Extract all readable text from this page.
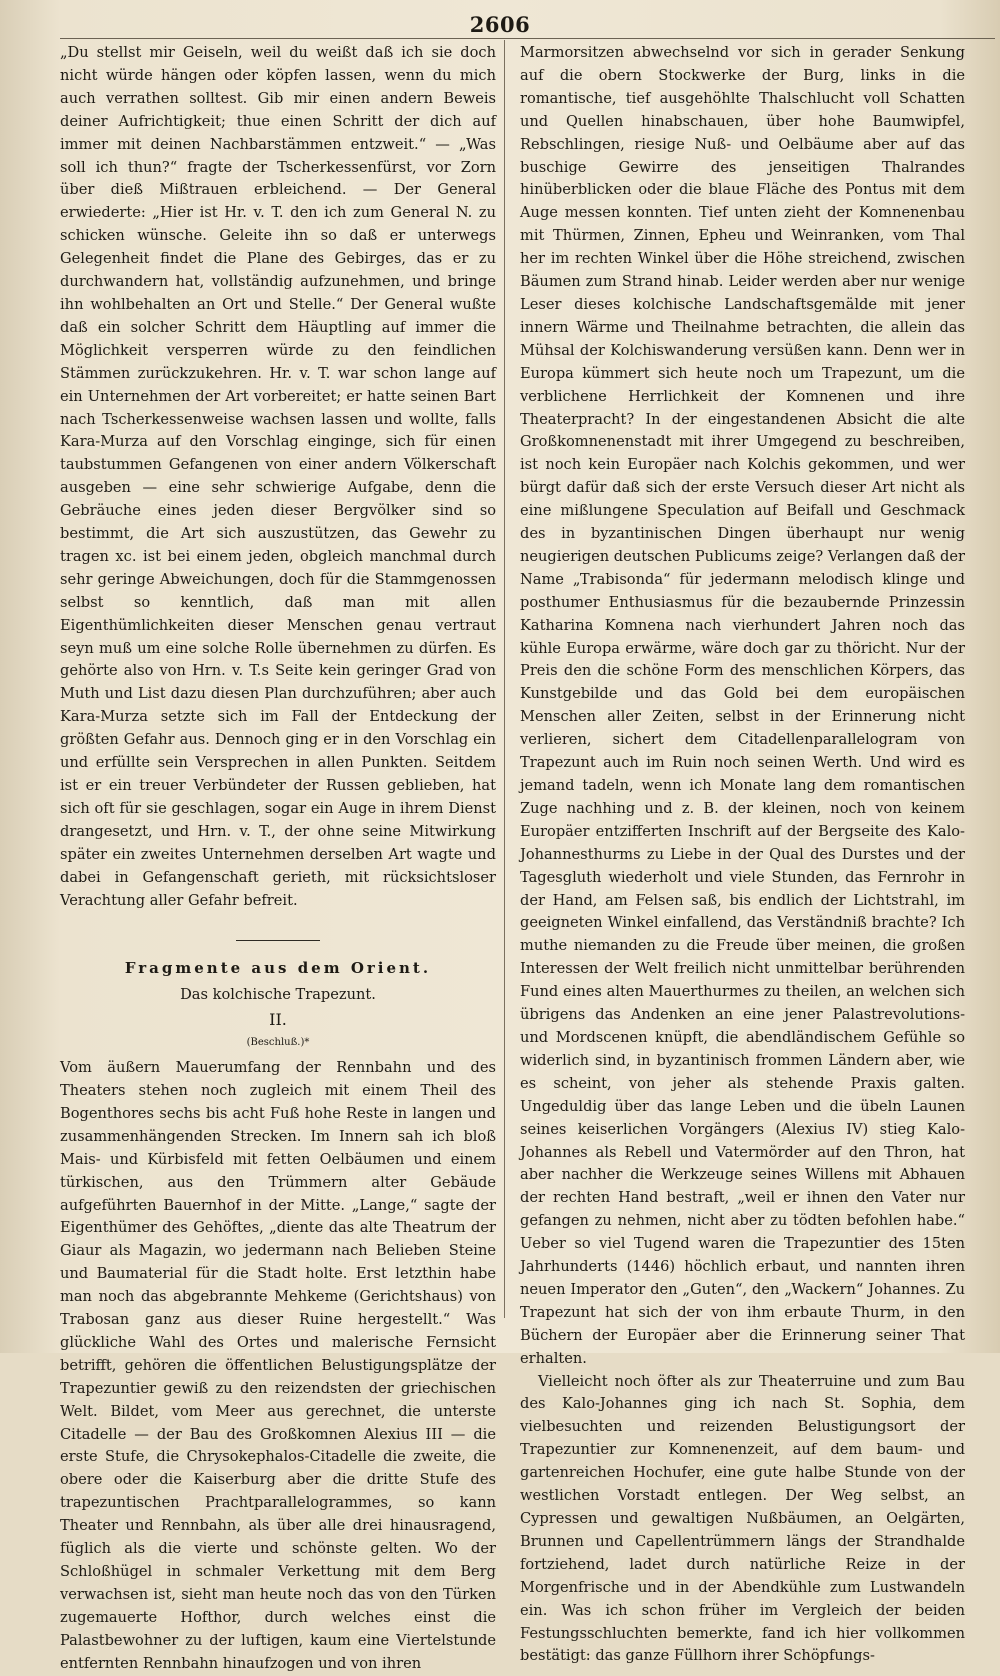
2606

„Du stellst mir Geiseln, weil du weißt daß ich sie doch nicht würde hängen oder köpfen lassen, wenn du mich auch verrathen solltest. Gib mir einen andern Beweis deiner Aufrichtigkeit; thue einen Schritt der dich auf immer mit deinen Nachbarstämmen entzweit.“ — „Was soll ich thun?“ fragte der Tscherkessenfürst, vor Zorn über dieß Mißtrauen erbleichend. — Der General erwiederte: „Hier ist Hr. v. T. den ich zum General N. zu schicken wünsche. Geleite ihn so daß er unterwegs Gelegenheit findet die Plane des Gebirges, das er zu durchwandern hat, vollständig aufzunehmen, und bringe ihn wohlbehalten an Ort und Stelle.“ Der General wußte daß ein solcher Schritt dem Häuptling auf immer die Möglichkeit versperren würde zu den feindlichen Stämmen zurückzukehren. Hr. v. T. war schon lange auf ein Unternehmen der Art vorbereitet; er hatte seinen Bart nach Tscherkessenweise wachsen lassen und wollte, falls Kara-Murza auf den Vorschlag einginge, sich für einen taubstummen Gefangenen von einer andern Völkerschaft ausgeben — eine sehr schwierige Aufgabe, denn die Gebräuche eines jeden dieser Bergvölker sind so bestimmt, die Art sich auszustützen, das Gewehr zu tragen xc. ist bei einem jeden, obgleich manchmal durch sehr geringe Abweichungen, doch für die Stammgenossen selbst so kenntlich, daß man mit allen Eigenthümlichkeiten dieser Menschen genau vertraut seyn muß um eine solche Rolle übernehmen zu dürfen. Es gehörte also von Hrn. v. T.s Seite kein geringer Grad von Muth und List dazu diesen Plan durchzuführen; aber auch Kara-Murza setzte sich im Fall der Entdeckung der größten Gefahr aus. Dennoch ging er in den Vorschlag ein und erfüllte sein Versprechen in allen Punkten. Seitdem ist er ein treuer Verbündeter der Russen geblieben, hat sich oft für sie geschlagen, sogar ein Auge in ihrem Dienst drangesetzt, und Hrn. v. T., der ohne seine Mitwirkung später ein zweites Unternehmen derselben Art wagte und dabei in Gefangenschaft gerieth, mit rücksichtsloser Verachtung aller Gefahr befreit.

Fragmente aus dem Orient.
Das kolchische Trapezunt.
II.
(Beschluß.)*

Vom äußern Mauerumfang der Rennbahn und des Theaters stehen noch zugleich mit einem Theil des Bogenthores sechs bis acht Fuß hohe Reste in langen und zusammenhängenden Strecken. Im Innern sah ich bloß Mais- und Kürbisfeld mit fetten Oelbäumen und einem türkischen, aus den Trümmern alter Gebäude aufgeführten Bauernhof in der Mitte. „Lange,“ sagte der Eigenthümer des Gehöftes, „diente das alte Theatrum der Giaur als Magazin, wo jedermann nach Belieben Steine und Baumaterial für die Stadt holte. Erst letzthin habe man noch das abgebrannte Mehkeme (Gerichtshaus) von Trabosan ganz aus dieser Ruine hergestellt.“ Was glückliche Wahl des Ortes und malerische Fernsicht betrifft, gehören die öffentlichen Belustigungsplätze der Trapezuntier gewiß zu den reizendsten der griechischen Welt. Bildet, vom Meer aus gerechnet, die unterste Citadelle — der Bau des Großkomnen Alexius III — die erste Stufe, die Chrysokephalos-Citadelle die zweite, die obere oder die Kaiserburg aber die dritte Stufe des trapezuntischen Prachtparallelogrammes, so kann Theater und Rennbahn, als über alle drei hinausragend, füglich als die vierte und schönste gelten. Wo der Schloßhügel in schmaler Verkettung mit dem Berg verwachsen ist, sieht man heute noch das von den Türken zugemauerte Hofthor, durch welches einst die Palastbewohner zu der luftigen, kaum eine Viertelstunde entfernten Rennbahn hinaufzogen und von ihren

Marmorsitzen abwechselnd vor sich in gerader Senkung auf die obern Stockwerke der Burg, links in die romantische, tief ausgehöhlte Thalschlucht voll Schatten und Quellen hinabschauen, über hohe Baumwipfel, Rebschlingen, riesige Nuß- und Oelbäume aber auf das buschige Gewirre des jenseitigen Thalrandes hinüberblicken oder die blaue Fläche des Pontus mit dem Auge messen konnten. Tief unten zieht der Komnenenbau mit Thürmen, Zinnen, Epheu und Weinranken, vom Thal her im rechten Winkel über die Höhe streichend, zwischen Bäumen zum Strand hinab. Leider werden aber nur wenige Leser dieses kolchische Landschaftsgemälde mit jener innern Wärme und Theilnahme betrachten, die allein das Mühsal der Kolchiswanderung versüßen kann. Denn wer in Europa kümmert sich heute noch um Trapezunt, um die verblichene Herrlichkeit der Komnenen und ihre Theaterpracht? In der eingestandenen Absicht die alte Großkomnenenstadt mit ihrer Umgegend zu beschreiben, ist noch kein Europäer nach Kolchis gekommen, und wer bürgt dafür daß sich der erste Versuch dieser Art nicht als eine mißlungene Speculation auf Beifall und Geschmack des in byzantinischen Dingen überhaupt nur wenig neugierigen deutschen Publicums zeige? Verlangen daß der Name „Trabisonda“ für jedermann melodisch klinge und posthumer Enthusiasmus für die bezaubernde Prinzessin Katharina Komnena nach vierhundert Jahren noch das kühle Europa erwärme, wäre doch gar zu thöricht. Nur der Preis den die schöne Form des menschlichen Körpers, das Kunstgebilde und das Gold bei dem europäischen Menschen aller Zeiten, selbst in der Erinnerung nicht verlieren, sichert dem Citadellenparallelogram von Trapezunt auch im Ruin noch seinen Werth. Und wird es jemand tadeln, wenn ich Monate lang dem romantischen Zuge nachhing und z. B. der kleinen, noch von keinem Europäer entzifferten Inschrift auf der Bergseite des Kalo-Johannesthurms zu Liebe in der Qual des Durstes und der Tagesgluth wiederholt und viele Stunden, das Fernrohr in der Hand, am Felsen saß, bis endlich der Lichtstrahl, im geeigneten Winkel einfallend, das Verständniß brachte? Ich muthe niemanden zu die Freude über meinen, die großen Interessen der Welt freilich nicht unmittelbar berührenden Fund eines alten Mauerthurmes zu theilen, an welchen sich übrigens das Andenken an eine jener Palastrevolutions- und Mordscenen knüpft, die abendländischem Gefühle so widerlich sind, in byzantinisch frommen Ländern aber, wie es scheint, von jeher als stehende Praxis galten. Ungeduldig über das lange Leben und die übeln Launen seines keiserlichen Vorgängers (Alexius IV) stieg Kalo-Johannes als Rebell und Vatermörder auf den Thron, hat aber nachher die Werkzeuge seines Willens mit Abhauen der rechten Hand bestraft, „weil er ihnen den Vater nur gefangen zu nehmen, nicht aber zu tödten befohlen habe.“ Ueber so viel Tugend waren die Trapezuntier des 15ten Jahrhunderts (1446) höchlich erbaut, und nannten ihren neuen Imperator den „Guten“, den „Wackern“ Johannes. Zu Trapezunt hat sich der von ihm erbaute Thurm, in den Büchern der Europäer aber die Erinnerung seiner That erhalten.

Vielleicht noch öfter als zur Theaterruine und zum Bau des Kalo-Johannes ging ich nach St. Sophia, dem vielbesuchten und reizenden Belustigungsort der Trapezuntier zur Komnenenzeit, auf dem baum- und gartenreichen Hochufer, eine gute halbe Stunde von der westlichen Vorstadt entlegen. Der Weg selbst, an Cypressen und gewaltigen Nußbäumen, an Oelgärten, Brunnen und Capellentrümmern längs der Strandhalde fortziehend, ladet durch natürliche Reize in der Morgenfrische und in der Abendkühle zum Lustwandeln ein. Was ich schon früher im Vergleich der beiden Festungsschluchten bemerkte, fand ich hier vollkommen bestätigt: das ganze Füllhorn ihrer Schöpfungs-
